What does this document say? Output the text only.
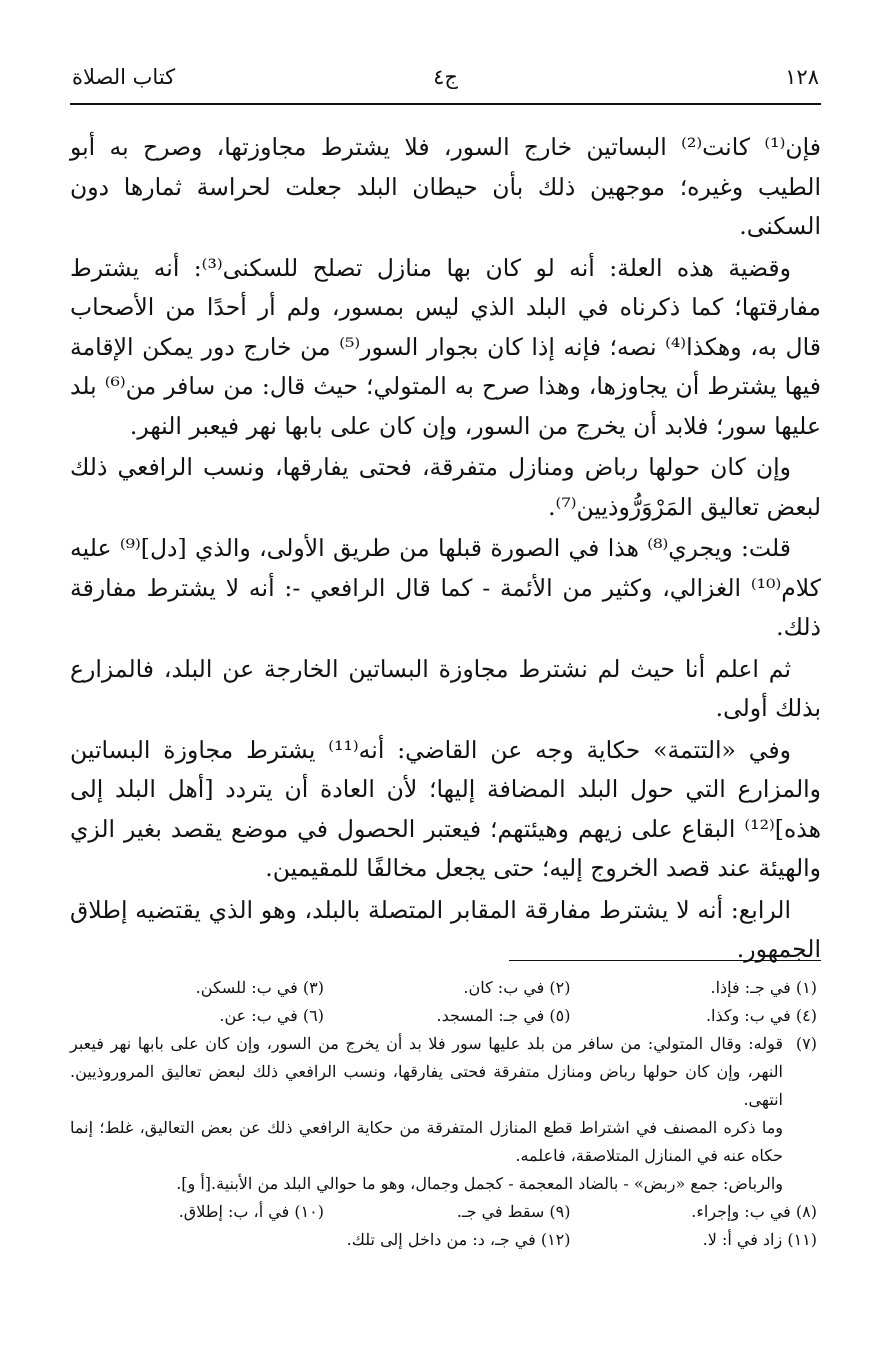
١٢٨
ج٤
كتاب الصلاة

فإن⁽¹⁾ كانت⁽²⁾ البساتين خارج السور، فلا يشترط مجاوزتها، وصرح به أبو الطيب وغيره؛ موجهين ذلك بأن حيطان البلد جعلت لحراسة ثمارها دون السكنى.

وقضية هذه العلة: أنه لو كان بها منازل تصلح للسكنى⁽³⁾: أنه يشترط مفارقتها؛ كما ذكرناه في البلد الذي ليس بمسور، ولم أر أحدًا من الأصحاب قال به، وهكذا⁽⁴⁾ نصه؛ فإنه إذا كان بجوار السور⁽⁵⁾ من خارج دور يمكن الإقامة فيها يشترط أن يجاوزها، وهذا صرح به المتولي؛ حيث قال: من سافر من⁽⁶⁾ بلد عليها سور؛ فلابد أن يخرج من السور، وإن كان على بابها نهر فيعبر النهر.

وإن كان حولها رباض ومنازل متفرقة، فحتى يفارقها، ونسب الرافعي ذلك لبعض تعاليق المَرْوَرُّوذيين⁽⁷⁾.

قلت: ويجري⁽⁸⁾ هذا في الصورة قبلها من طريق الأولى، والذي [دل]⁽⁹⁾ عليه كلام⁽¹⁰⁾ الغزالي، وكثير من الأئمة - كما قال الرافعي -: أنه لا يشترط مفارقة ذلك.

ثم اعلم أنا حيث لم نشترط مجاوزة البساتين الخارجة عن البلد، فالمزارع بذلك أولى.

وفي «التتمة» حكاية وجه عن القاضي: أنه⁽¹¹⁾ يشترط مجاوزة البساتين والمزارع التي حول البلد المضافة إليها؛ لأن العادة أن يتردد [أهل البلد إلى هذه]⁽¹²⁾ البقاع على زيهم وهيئتهم؛ فيعتبر الحصول في موضع يقصد بغير الزي والهيئة عند قصد الخروج إليه؛ حتى يجعل مخالفًا للمقيمين.

الرابع: أنه لا يشترط مفارقة المقابر المتصلة بالبلد، وهو الذي يقتضيه إطلاق الجمهور.

(١) في جـ: فإذا.
(٢) في ب: كان.
(٣) في ب: للسكن.
(٤) في ب: وكذا.
(٥) في جـ: المسجد.
(٦) في ب: عن.
(٧)

قوله: وقال المتولي: من سافر من بلد عليها سور فلا بد أن يخرج من السور، وإن كان على بابها نهر فيعبر النهر، وإن كان حولها رباض ومنازل متفرقة فحتى يفارقها، ونسب الرافعي ذلك لبعض تعاليق المروروذيين. انتهى.

وما ذكره المصنف في اشتراط قطع المنازل المتفرقة من حكاية الرافعي ذلك عن بعض التعاليق، غلط؛ إنما حكاه عنه في المنازل المتلاصقة، فاعلمه.

والرباض: جمع «ربض» - بالضاد المعجمة - كجمل وجمال، وهو ما حوالي البلد من الأبنية.[أ و].

(٨) في ب: وإجراء.
(٩) سقط في جـ.
(١٠) في أ، ب: إطلاق.
(١١) زاد في أ: لا.
(١٢) في جـ، د: من داخل إلى تلك.
